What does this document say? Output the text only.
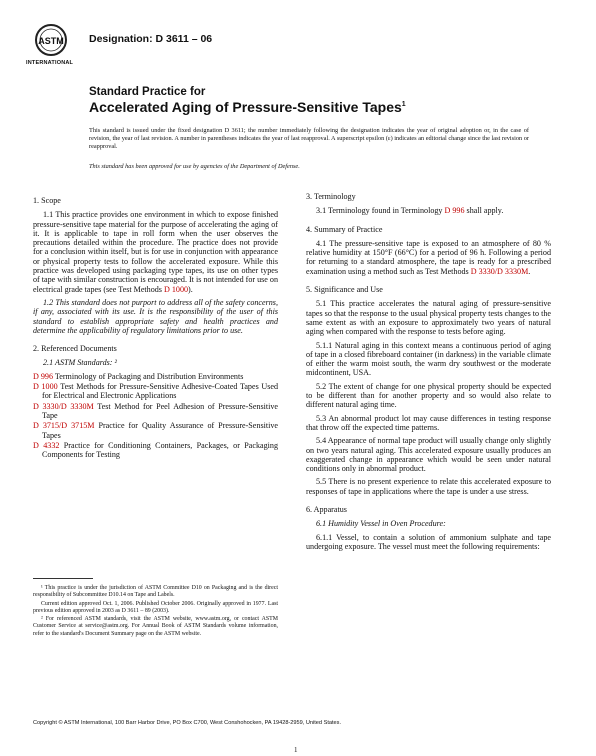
ASTM
INTERNATIONAL
Designation: D 3611 – 06
Standard Practice for
Accelerated Aging of Pressure-Sensitive Tapes$^1$
This standard is issued under the fixed designation D 3611; the number immediately following the designation indicates the year of original adoption or, in the case of revision, the year of last revision. A number in parentheses indicates the year of last reapproval. A superscript epsilon (ε) indicates an editorial change since the last revision or reapproval.
This standard has been approved for use by agencies of the Department of Defense.

1. Scope

1.1 This practice provides one environment in which to expose finished pressure-sensitive tape material for the purpose of accelerating the aging of it. It is applicable to tape in roll form when the user observes the precautions detailed within the procedure. The practice does not provide for a conclusion within itself, but is for use in conjunction with appearance or physical property tests to follow the accelerated exposure. While this practice was developed using packaging type tapes, its use on other types of tape with similar construction is encouraged. It is not intended for use on electrical grade tapes (see Test Methods D 1000).

1.2 This standard does not purport to address all of the safety concerns, if any, associated with its use. It is the responsibility of the user of this standard to establish appropriate safety and health practices and determine the applicability of regulatory limitations prior to use.

2. Referenced Documents

2.1 ASTM Standards: ²

D 996 Terminology of Packaging and Distribution Environments

D 1000 Test Methods for Pressure-Sensitive Adhesive-Coated Tapes Used for Electrical and Electronic Applications

D 3330/D 3330M Test Method for Peel Adhesion of Pressure-Sensitive Tape

D 3715/D 3715M Practice for Quality Assurance of Pressure-Sensitive Tapes

D 4332 Practice for Conditioning Containers, Packages, or Packaging Components for Testing

3. Terminology

3.1 Terminology found in Terminology D 996 shall apply.

4. Summary of Practice

4.1 The pressure-sensitive tape is exposed to an atmosphere of 80 % relative humidity at 150°F (66°C) for a period of 96 h. Following a period for returning to a standard atmosphere, the tape is ready for a prescribed examination using a method such as Test Methods D 3330/D 3330M.

5. Significance and Use

5.1 This practice accelerates the natural aging of pressure-sensitive tapes so that the response to the usual physical property tests changes to the same extent as with an exposure to approximately two years of natural aging when compared with the response to tests before aging.

5.1.1 Natural aging in this context means a continuous period of aging of tape in a closed fibreboard container (in darkness) in the variable climate of either the warm moist south, the warm dry southwest or the moderate midcontinent, USA.

5.2 The extent of change for one physical property should be expected to be different than for another property and so would also relate to different natural aging time.

5.3 An abnormal product lot may cause differences in testing response that throw off the expected time patterns.

5.4 Appearance of normal tape product will usually change only slightly on two years natural aging. This accelerated exposure usually produces an exaggerated change in appearance which would be seen under natural conditions only in abnormal product.

5.5 There is no present experience to relate this accelerated exposure to responses of tape in applications where the tape is under a use stress.

6. Apparatus

6.1 Humidity Vessel in Oven Procedure:

6.1.1 Vessel, to contain a solution of ammonium sulphate and tape undergoing exposure. The vessel must meet the following requirements:

¹ This practice is under the jurisdiction of ASTM Committee D10 on Packaging and is the direct responsibility of Subcommittee D10.14 on Tape and Labels.

Current edition approved Oct. 1, 2006. Published October 2006. Originally approved in 1977. Last previous edition approved in 2003 as D 3611 – 89 (2003).

² For referenced ASTM standards, visit the ASTM website, www.astm.org, or contact ASTM Customer Service at service@astm.org. For Annual Book of ASTM Standards volume information, refer to the standard's Document Summary page on the ASTM website.

Copyright © ASTM International, 100 Barr Harbor Drive, PO Box C700, West Conshohocken, PA 19428-2959, United States.
1
